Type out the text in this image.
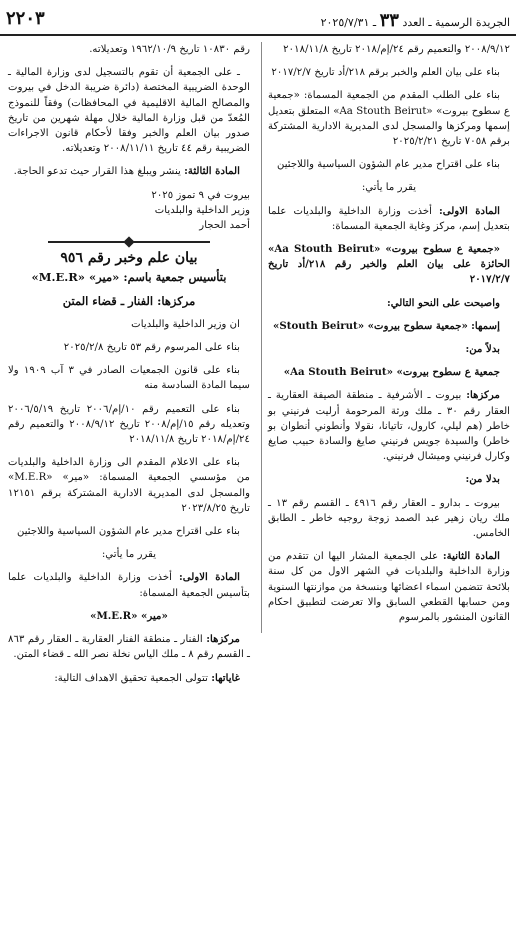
٢٢٠٣	الجريدة الرسمية ـ العدد ٣٣ ـ ٢٠٢٥/٧/٣١

٢٠٠٨/٩/١٢ والتعميم رقم ٢٤/إم/٢٠١٨ تاريخ ٢٠١٨/١١/٨

بناء على بيان العلم والخبر برقم ٢١٨/أد تاريخ ٢٠١٧/٢/٧

بناء على الطلب المقدم من الجمعية المسماة: «جمعية ع سطوح بيروت» «Aa Stouth Beirut» المتعلق بتعديل إسمها ومركزها والمسجل لدى المديرية الادارية المشتركة برقم ٧٠٥٨ تاريخ ٢٠٢٥/٢/٢١

بناء على اقتراح مدير عام الشؤون السياسية واللاجئين

يقرر ما يأتي:

المادة الاولى: أخذت وزارة الداخلية والبلديات علما بتعديل إسم، مركز وغاية الجمعية المسماة:

«جمعية ع سطوح بيروت» «Aa Stouth Beirut» الحائزة على بيان العلم والخبر رقم ٢١٨/أد تاريخ ٢٠١٧/٢/٧

واصبحت على النحو التالي:

إسمها: «جمعية سطوح بيروت» «Stouth Beirut»

بدلاً من:

جمعية ع سطوح بيروت» «Aa Stouth Beirut»

مركزها: بيروت ـ الأشرفية ـ منطقة الصيفة العقارية ـ العقار رقم ٣٠ ـ ملك ورثة المرحومة أرليت فرنيني بو خاطر (هم ليلي، كارول، تاتيانا، نقولا وأنطوني أنطوان بو خاطر) والسيدة جويس فرنيني صايغ والسادة حبيب صايغ وكارل فرنيني وميشال فرنيني.

بدلا من:

بيروت ـ بدارو ـ العقار رقم ٤٩١٦ ـ القسم رقم ١٣ ـ ملك ريان زهير عبد الصمد زوجة روجيه خاطر ـ الطابق الخامس.

المادة الثانية: على الجمعية المشار اليها ان تتقدم من وزارة الداخلية والبلديات في الشهر الاول من كل سنة بلائحة تتضمن اسماء اعضائها وبنسخة من موازنتها السنوية ومن حسابها القطعي السابق والا تعرضت لتطبيق احكام القانون المنشور بالمرسوم

رقم ١٠٨٣٠ تاريخ ١٩٦٢/١٠/٩ وتعديلاته.

ـ على الجمعية أن تقوم بالتسجيل لدى وزارة المالية ـ الوحدة الضريبية المختصة (دائرة ضريبة الدخل في بيروت والمصالح المالية الاقليمية في المحافظات) وفقاً للنموذج المُعدّ من قبل وزارة المالية خلال مهلة شهرين من تاريخ صدور بيان العلم والخبر وفقا لأحكام قانون الاجراءات الضريبية رقم ٤٤ تاريخ ٢٠٠٨/١١/١١ وتعديلاته.

المادة الثالثة: ينشر ويبلغ هذا القرار حيث تدعو الحاجة.

بيروت في ٩ تموز ٢٠٢٥

وزير الداخلية والبلديات

أحمد الحجار

بيان علم وخبر رقم ٩٥٦
بتأسيس جمعية باسم: «مير» «M.E.R»
مركزها: الفنار ـ قضاء المتن

ان وزير الداخلية والبلديات

بناء على المرسوم رقم ٥٣ تاريخ ٢٠٢٥/٢/٨

بناء على قانون الجمعيات الصادر في ٣ آب ١٩٠٩ ولا سيما المادة السادسة منه

بناء على التعميم رقم ١٠/إم/٢٠٠٦ تاريخ ٢٠٠٦/٥/١٩ وتعديله رقم ١٥/إم/٢٠٠٨ تاريخ ٢٠٠٨/٩/١٢ والتعميم رقم ٢٤/إم/٢٠١٨ تاريخ ٢٠١٨/١١/٨

بناء على الاعلام المقدم الى وزارة الداخلية والبلديات من مؤسسي الجمعية المسماة: «مير» «M.E.R» والمسجل لدى المديرية الادارية المشتركة برقم ١٢١٥١ تاريخ ٢٠٢٣/٨/٢٥

بناء على اقتراح مدير عام الشؤون السياسية واللاجئين

يقرر ما يأتي:

المادة الاولى: أخذت وزارة الداخلية والبلديات علما بتأسيس الجمعية المسماة:

«مير» «M.E.R»

مركزها: الفنار ـ منطقة الفنار العقارية ـ العقار رقم ٨٦٣ ـ القسم رقم ٨ ـ ملك الياس نخلة نصر الله ـ قضاء المتن.

غاياتها: تتولى الجمعية تحقيق الاهداف التالية:
